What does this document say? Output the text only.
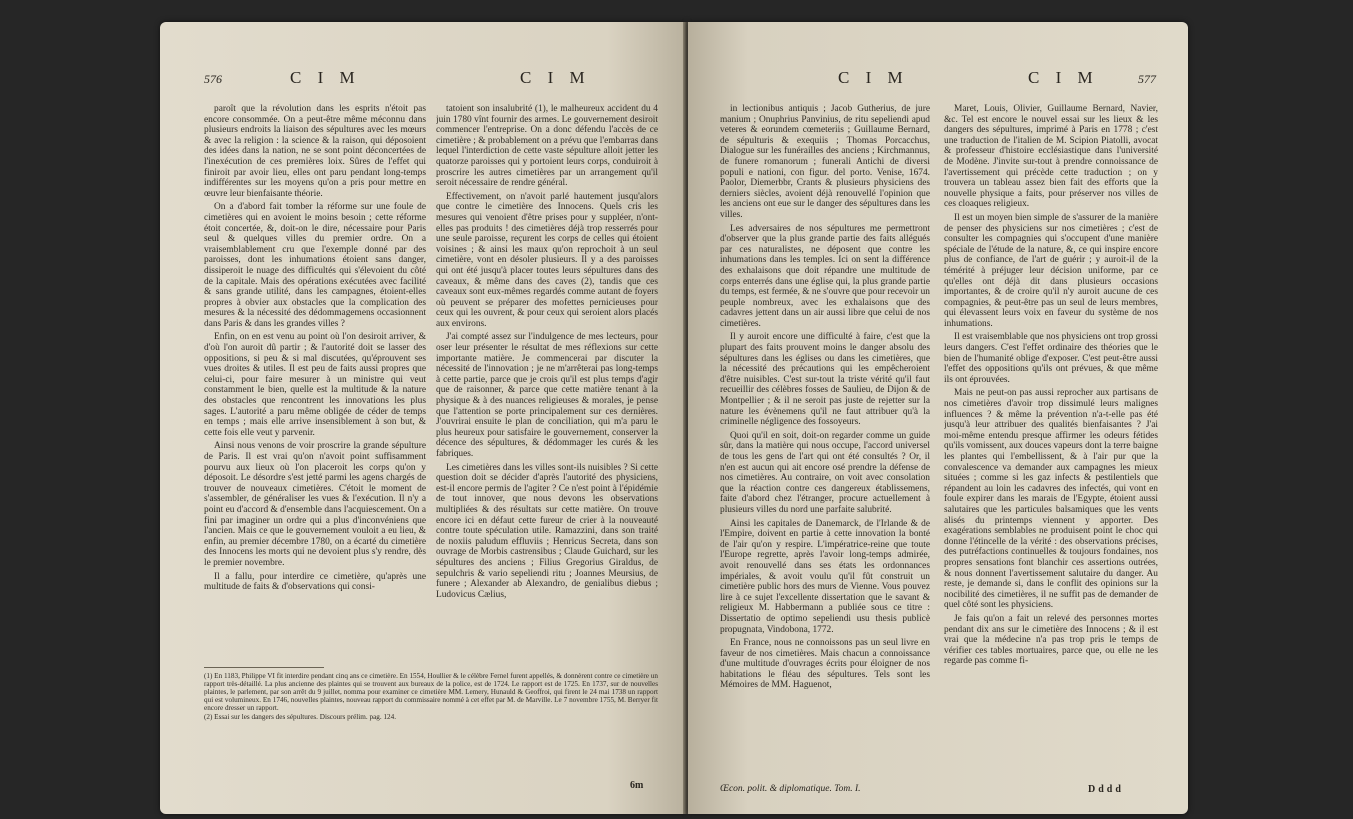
576	C I M	C I M

paroît que la révolution dans les esprits n'étoit pas encore consommée. On a peut-être même méconnu dans plusieurs endroits la liaison des sépultures avec les mœurs & avec la religion : la science & la raison, qui déposoient des idées dans la nation, ne se sont point déconcertées de l'inexécution de ces premières loix. Sûres de l'effet qui finiroit par avoir lieu, elles ont paru pendant long-temps indifférentes sur les moyens qu'on a pris pour mettre en œuvre leur bienfaisante théorie.

On a d'abord fait tomber la réforme sur une foule de cimetières qui en avoient le moins besoin ; cette réforme étoit concertée, &, doit-on le dire, nécessaire pour Paris seul & quelques villes du premier ordre. On a vraisemblablement cru que l'exemple donné par des paroisses, dont les inhumations étoient sans danger, dissiperoit le nuage des difficultés qui s'élevoient du côté de la capitale. Mais des opérations exécutées avec facilité & sans grande utilité, dans les campagnes, étoient-elles propres à obvier aux obstacles que la complication des mesures & la nécessité des dédommagemens occasionnent dans Paris & dans les grandes villes ?

Enfin, on en est venu au point où l'on desiroit arriver, & d'où l'on auroit dû partir ; & l'autorité doit se lasser des oppositions, si peu & si mal discutées, qu'éprouvent ses vues droites & utiles. Il est peu de faits aussi propres que celui-ci, pour faire mesurer à un ministre qui veut constamment le bien, quelle est la multitude & la nature des obstacles que rencontrent les innovations les plus sages. L'autorité a paru même obligée de céder de temps en temps ; mais elle arrive insensiblement à son but, & cette fois elle veut y parvenir.

Ainsi nous venons de voir proscrire la grande sépulture de Paris. Il est vrai qu'on n'avoit point suffisamment pourvu aux lieux où l'on placeroit les corps qu'on y déposoit. Le désordre s'est jetté parmi les agens chargés de trouver de nouveaux cimetières. C'étoit le moment de s'assembler, de généraliser les vues & l'exécution. Il n'y a point eu d'accord & d'ensemble dans l'acquiescement. On a fini par imaginer un ordre qui a plus d'inconvéniens que l'ancien. Mais ce que le gouvernement vouloit a eu lieu, & enfin, au premier décembre 1780, on a écarté du cimetière des Innocens les morts qui ne devoient plus s'y rendre, dès le premier novembre.

Il a fallu, pour interdire ce cimetière, qu'après une multitude de faits & d'observations qui consi-

tatoient son insalubrité (1), le malheureux accident du 4 juin 1780 vînt fournir des armes. Le gouvernement desiroit commencer l'entreprise. On a donc défendu l'accès de ce cimetière ; & probablement on a prévu que l'embarras dans lequel l'interdiction de cette vaste sépulture alloit jetter les quatorze paroisses qui y portoient leurs corps, conduiroit à proscrire les autres cimetières par un arrangement qu'il seroit nécessaire de rendre général.

Effectivement, on n'avoit parlé hautement jusqu'alors que contre le cimetière des Innocens. Quels cris les mesures qui venoient d'être prises pour y suppléer, n'ont-elles pas produits ! des cimetières déjà trop resserrés pour une seule paroisse, reçurent les corps de celles qui étoient voisines ; & ainsi les maux qu'on reprochoit à un seul cimetière, vont en désoler plusieurs. Il y a des paroisses qui ont été jusqu'à placer toutes leurs sépultures dans des caveaux, & même dans des caves (2), tandis que ces caveaux sont eux-mêmes regardés comme autant de foyers où peuvent se préparer des mofettes pernicieuses pour ceux qui les ouvrent, & pour ceux qui seroient alors placés aux environs.

J'ai compté assez sur l'indulgence de mes lecteurs, pour oser leur présenter le résultat de mes réflexions sur cette importante matière. Je commencerai par discuter la nécessité de l'innovation ; je ne m'arrêterai pas long-temps à cette partie, parce que je crois qu'il est plus temps d'agir que de raisonner, & parce que cette matière tenant à la physique & à des nuances religieuses & morales, je pense que l'attention se porte principalement sur ces dernières. J'ouvrirai ensuite le plan de conciliation, qui m'a paru le plus heureux pour satisfaire le gouvernement, conserver la décence des sépultures, & dédommager les curés & les fabriques.

Les cimetières dans les villes sont-ils nuisibles ? Si cette question doit se décider d'après l'autorité des physiciens, est-il encore permis de l'agiter ? Ce n'est point à l'épidémie de tout innover, que nous devons les observations multipliées & des résultats sur cette matière. On trouve encore ici en défaut cette fureur de crier à la nouveauté contre toute spéculation utile. Ramazzini, dans son traité de noxiis paludum effluviis ; Henricus Secreta, dans son ouvrage de Morbis castrensibus ; Claude Guichard, sur les sépultures des anciens ; Filius Gregorius Giraldus, de sepulchris & vario sepeliendi ritu ; Joannes Meursius, de funere ; Alexander ab Alexandro, de genialibus diebus ; Ludovicus Cælius,

(1) En 1183, Philippe VI fit interdire pendant cinq ans ce cimetière. En 1554, Houllier & le célèbre Fernel furent appellés, & donnèrent contre ce cimetière un rapport très-détaillé. La plus ancienne des plaintes qui se trouvent aux bureaux de la police, est de 1724. Le rapport est de 1725. En 1737, sur de nouvelles plaintes, le parlement, par son arrêt du 9 juillet, nomma pour examiner ce cimetière MM. Lemery, Hunauld & Geoffroi, qui firent le 24 mai 1738 un rapport qui est volumineux. En 1746, nouvelles plaintes, nouveau rapport du commissaire nommé à cet effet par M. de Marville. Le 7 novembre 1755, M. Berryer fit encore dresser un rapport.

(2) Essai sur les dangers des sépultures. Discours prélim. pag. 124.

6m
C I M	C I M	577

in lectionibus antiquis ; Jacob Gutherius, de jure manium ; Onuphrius Panvinius, de ritu sepeliendi apud veteres & eorundem cœmeteriis ; Guillaume Bernard, de sépulturis & exequiis ; Thomas Porcacchus, Dialogue sur les funérailles des anciens ; Kirchmannus, de funere romanorum ; funerali Antichi de diversi populi e nationi, con figur. del porto. Venise, 1674. Paolor, Diemerbbr, Crants & plusieurs physiciens des derniers siècles, avoient déjà renouvellé l'opinion que les anciens ont eue sur le danger des sépultures dans les villes.

Les adversaires de nos sépultures me permettront d'observer que la plus grande partie des faits allégués par ces naturalistes, ne déposent que contre les inhumations dans les temples. Ici on sent la différence des exhalaisons que doit répandre une multitude de corps enterrés dans une église qui, la plus grande partie du temps, est fermée, & ne s'ouvre que pour recevoir un peuple nombreux, avec les exhalaisons que des cadavres jettent dans un air aussi libre que celui de nos cimetières.

Il y auroit encore une difficulté à faire, c'est que la plupart des faits prouvent moins le danger absolu des sépultures dans les églises ou dans les cimetières, que la nécessité des précautions qui les empêcheroient d'être nuisibles. C'est sur-tout la triste vérité qu'il faut recueillir des célèbres fosses de Saulieu, de Dijon & de Montpellier ; & il ne seroit pas juste de rejetter sur la nature les évènemens qu'il ne faut attribuer qu'à la criminelle négligence des fossoyeurs.

Quoi qu'il en soit, doit-on regarder comme un guide sûr, dans la matière qui nous occupe, l'accord universel de tous les gens de l'art qui ont été consultés ? Or, il n'en est aucun qui ait encore osé prendre la défense de nos cimetières. Au contraire, on voit avec consolation que la réaction contre ces dangereux établissemens, faite d'abord chez l'étranger, procure actuellement à plusieurs villes du nord une parfaite salubrité.

Ainsi les capitales de Danemarck, de l'Irlande & de l'Empire, doivent en partie à cette innovation la bonté de l'air qu'on y respire. L'impératrice-reine que toute l'Europe regrette, après l'avoir long-temps admirée, avoit renouvellé dans ses états les ordonnances impériales, & avoit voulu qu'il fût construit un cimetière public hors des murs de Vienne. Vous pouvez lire à ce sujet l'excellente dissertation que le savant & religieux M. Habbermann a publiée sous ce titre : Dissertatio de optimo sepeliendi usu thesis publicè propugnata, Vindobona, 1772.

En France, nous ne connoissons pas un seul livre en faveur de nos cimetières. Mais chacun a connoissance d'une multitude d'ouvrages écrits pour éloigner de nos habitations le fléau des sépultures. Tels sont les Mémoires de MM. Haguenot,

Maret, Louis, Olivier, Guillaume Bernard, Navier, &c. Tel est encore le nouvel essai sur les lieux & les dangers des sépultures, imprimé à Paris en 1778 ; c'est une traduction de l'italien de M. Scipion Piatolli, avocat & professeur d'histoire ecclésiastique dans l'université de Modène. J'invite sur-tout à prendre connoissance de l'avertissement qui précède cette traduction ; on y trouvera un tableau assez bien fait des efforts que la nouvelle physique a faits, pour préserver nos villes de ces cloaques religieux.

Il est un moyen bien simple de s'assurer de la manière de penser des physiciens sur nos cimetières ; c'est de consulter les compagnies qui s'occupent d'une manière spéciale de l'étude de la nature, &, ce qui inspire encore plus de confiance, de l'art de guérir ; y auroit-il de la témérité à préjuger leur décision uniforme, par ce qu'elles ont déjà dit dans plusieurs occasions importantes, & de croire qu'il n'y auroit aucune de ces compagnies, & peut-être pas un seul de leurs membres, qui élevassent leurs voix en faveur du système de nos inhumations.

Il est vraisemblable que nos physiciens ont trop grossi leurs dangers. C'est l'effet ordinaire des théories que le bien de l'humanité oblige d'exposer. C'est peut-être aussi l'effet des oppositions qu'ils ont prévues, & que même ils ont éprouvées.

Mais ne peut-on pas aussi reprocher aux partisans de nos cimetières d'avoir trop dissimulé leurs malignes influences ? & même la prévention n'a-t-elle pas été jusqu'à leur attribuer des qualités bienfaisantes ? J'ai moi-même entendu presque affirmer les odeurs fétides qu'ils vomissent, aux douces vapeurs dont la terre baigne les plantes qui l'embellissent, & à l'air pur que la convalescence va demander aux campagnes les mieux situées ; comme si les gaz infects & pestilentiels que répandent au loin les cadavres des infectés, qui vont en foule expirer dans les marais de l'Egypte, étoient aussi salutaires que les particules balsamiques que les vents alisés du printemps viennent y apporter. Des exagérations semblables ne produisent point le choc qui donne l'étincelle de la vérité : des observations précises, des putréfactions continuelles & toujours fondaines, nos propres sensations font blanchir ces assertions outrées, & nous donnent l'avertissement salutaire du danger. Au reste, je demande si, dans le conflit des opinions sur la nocibilité des cimetières, il ne suffit pas de demander de quel côté sont les physiciens.

Je fais qu'on a fait un relevé des personnes mortes pendant dix ans sur le cimetière des Innocens ; & il est vrai que la médecine n'a pas trop pris le temps de vérifier ces tables mortuaires, parce que, ou elle ne les regarde pas comme fi-

Œcon. polit. & diplomatique. Tom. I.	Dddd
